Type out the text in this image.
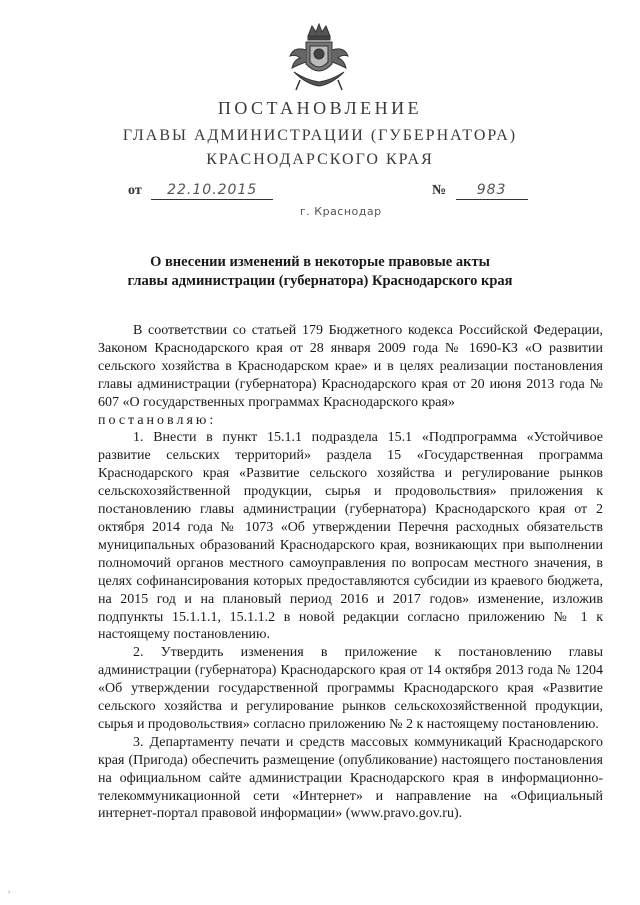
ПОСТАНОВЛЕНИЕ
ГЛАВЫ АДМИНИСТРАЦИИ (ГУБЕРНАТОРА)
КРАСНОДАРСКОГО КРАЯ
от 22.10.2015	№ 983
г. Краснодар
О внесении изменений в некоторые правовые акты
главы администрации (губернатора) Краснодарского края

В соответствии со статьей 179 Бюджетного кодекса Российской Федерации, Законом Краснодарского края от 28 января 2009 года № 1690-КЗ «О развитии сельского хозяйства в Краснодарском крае» и в целях реализации постановления главы администрации (губернатора) Краснодарского края от 20 июня 2013 года № 607 «О государственных программах Краснодарского края»

постановляю:

1. Внести в пункт 15.1.1 подраздела 15.1 «Подпрограмма «Устойчивое развитие сельских территорий» раздела 15 «Государственная программа Краснодарского края «Развитие сельского хозяйства и регулирование рынков сельскохозяйственной продукции, сырья и продовольствия» приложения к постановлению главы администрации (губернатора) Краснодарского края от 2 октября 2014 года № 1073 «Об утверждении Перечня расходных обязательств муниципальных образований Краснодарского края, возникающих при выполнении полномочий органов местного самоуправления по вопросам местного значения, в целях софинансирования которых предоставляются субсидии из краевого бюджета, на 2015 год и на плановый период 2016 и 2017 годов» изменение, изложив подпункты 15.1.1.1, 15.1.1.2 в новой редакции согласно приложению № 1 к настоящему постановлению.

2. Утвердить изменения в приложение к постановлению главы администрации (губернатора) Краснодарского края от 14 октября 2013 года № 1204 «Об утверждении государственной программы Краснодарского края «Развитие сельского хозяйства и регулирование рынков сельскохозяйственной продукции, сырья и продовольствия» согласно приложению № 2 к настоящему постановлению.

3. Департаменту печати и средств массовых коммуникаций Краснодарского края (Пригода) обеспечить размещение (опубликование) настоящего постановления на официальном сайте администрации Краснодарского края в информационно-телекоммуникационной сети «Интернет» и направление на «Официальный интернет-портал правовой информации» (www.pravo.gov.ru).

,
